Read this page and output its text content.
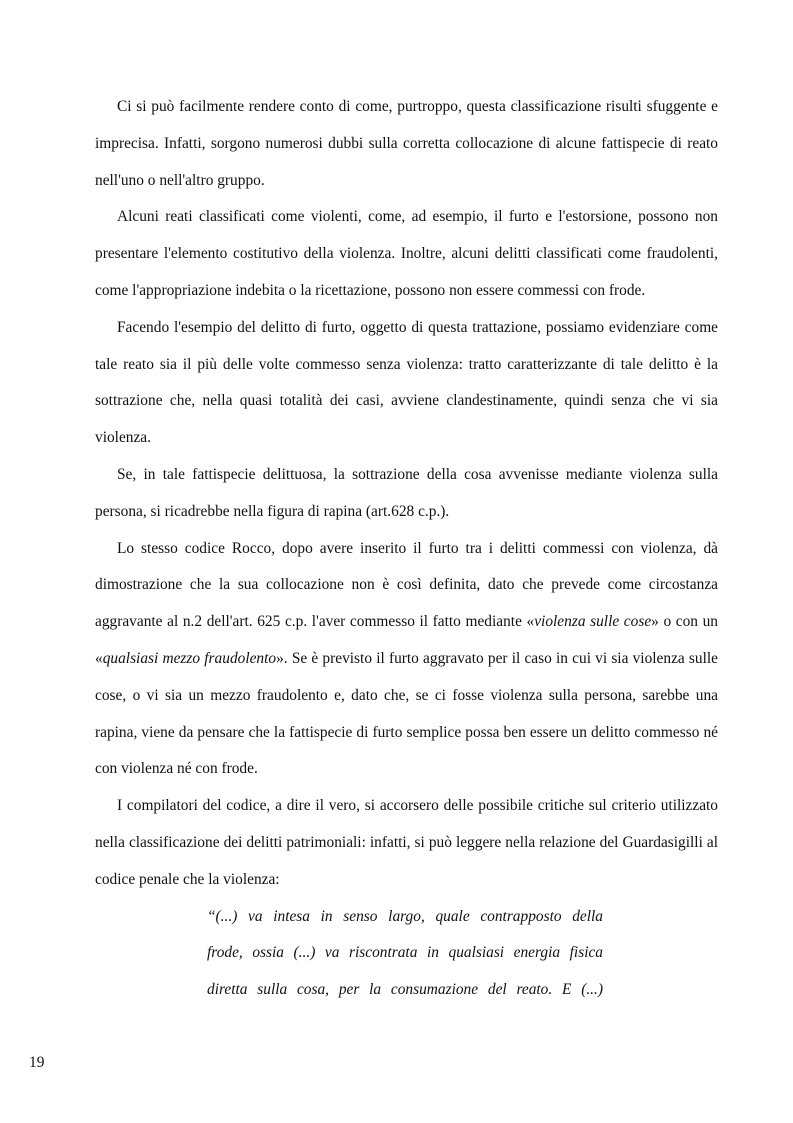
Ci si può facilmente rendere conto di come, purtroppo, questa classificazione risulti sfuggente e imprecisa. Infatti, sorgono numerosi dubbi sulla corretta collocazione di alcune fattispecie di reato nell'uno o nell'altro gruppo.

Alcuni reati classificati come violenti, come, ad esempio, il furto e l'estorsione, possono non presentare l'elemento costitutivo della violenza. Inoltre, alcuni delitti classificati come fraudolenti, come l'appropriazione indebita o la ricettazione, possono non essere commessi con frode.

Facendo l'esempio del delitto di furto, oggetto di questa trattazione, possiamo evidenziare come tale reato sia il più delle volte commesso senza violenza: tratto caratterizzante di tale delitto è la sottrazione che, nella quasi totalità dei casi, avviene clandestinamente, quindi senza che vi sia violenza.

Se, in tale fattispecie delittuosa, la sottrazione della cosa avvenisse mediante violenza sulla persona, si ricadrebbe nella figura di rapina (art.628 c.p.).

Lo stesso codice Rocco, dopo avere inserito il furto tra i delitti commessi con violenza, dà dimostrazione che la sua collocazione non è così definita, dato che prevede come circostanza aggravante al n.2 dell'art. 625 c.p. l'aver commesso il fatto mediante «violenza sulle cose» o con un «qualsiasi mezzo fraudolento». Se è previsto il furto aggravato per il caso in cui vi sia violenza sulle cose, o vi sia un mezzo fraudolento e, dato che, se ci fosse violenza sulla persona, sarebbe una rapina, viene da pensare che la fattispecie di furto semplice possa ben essere un delitto commesso né con violenza né con frode.

I compilatori del codice, a dire il vero, si accorsero delle possibile critiche sul criterio utilizzato nella classificazione dei delitti patrimoniali: infatti, si può leggere nella relazione del Guardasigilli al codice penale che la violenza:

“(...) va intesa in senso largo, quale contrapposto della

frode, ossia (...) va riscontrata in qualsiasi energia fisica

diretta sulla cosa, per la consumazione del reato. E (...)

19
